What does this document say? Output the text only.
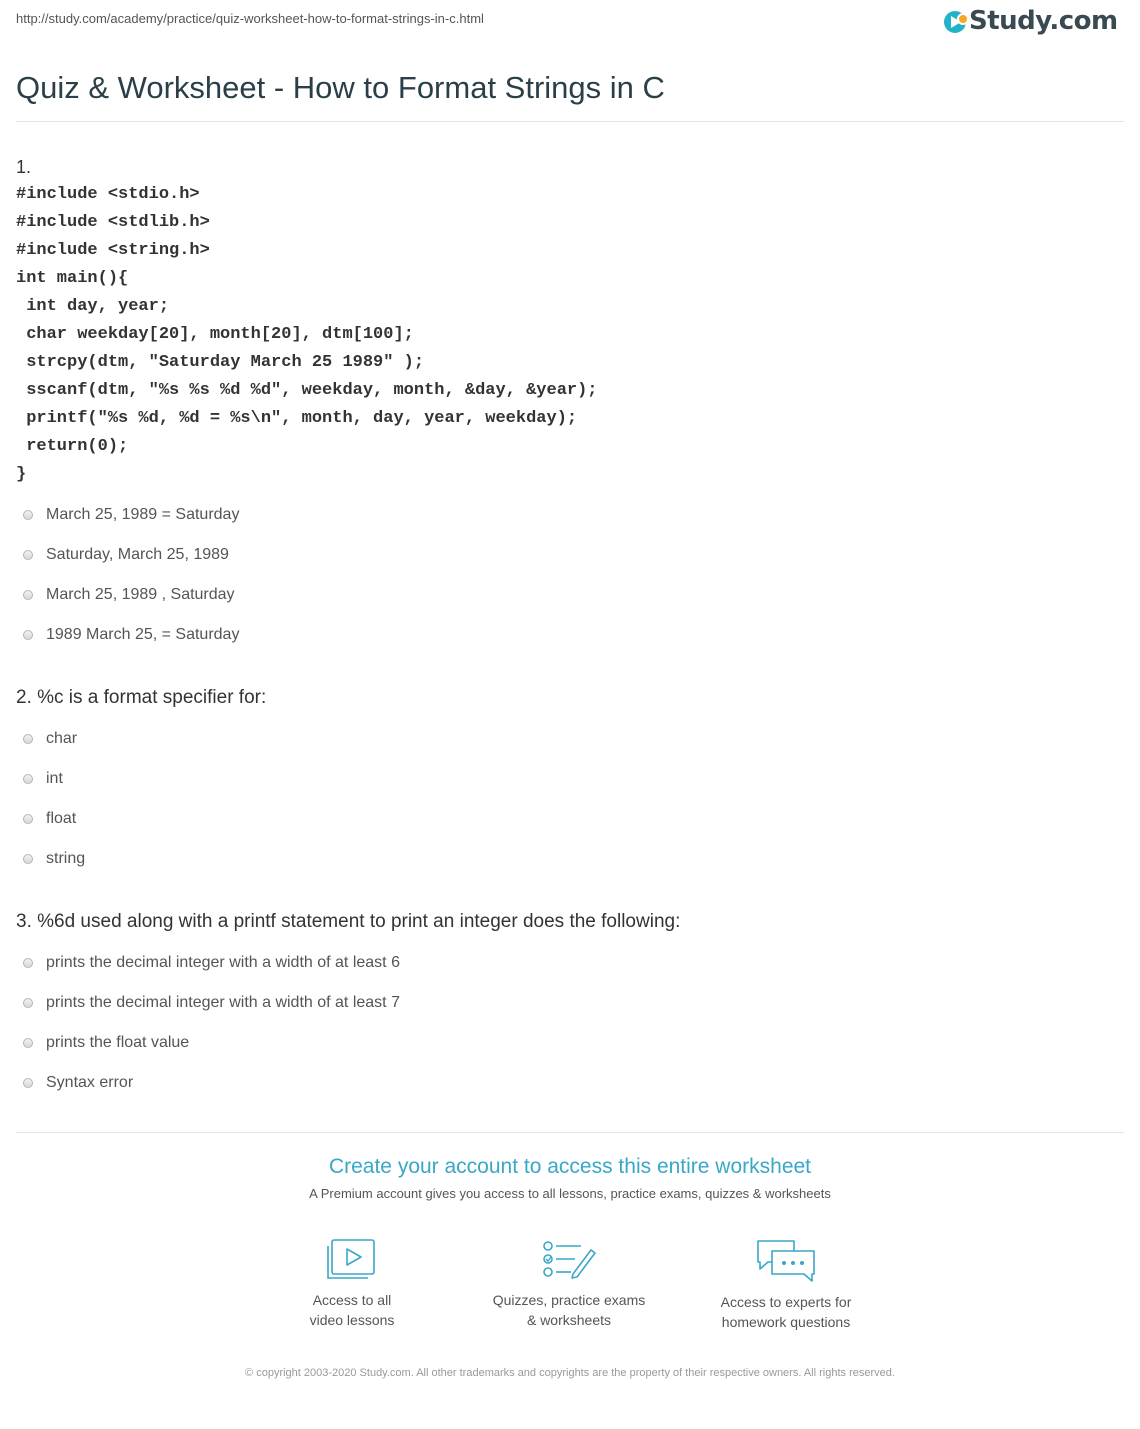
http://study.com/academy/practice/quiz-worksheet-how-to-format-strings-in-c.html	Study.com
Quiz & Worksheet - How to Format Strings in C
1.
#include <stdio.h>
#include <stdlib.h>
#include <string.h>
int main(){
int day, year;
char weekday[20], month[20], dtm[100];
strcpy(dtm, "Saturday March 25 1989" );
sscanf(dtm, "%s %s %d %d", weekday, month, &day, &year);
printf("%s %d, %d = %s\n", month, day, year, weekday);
return(0);
}
March 25, 1989 = Saturday
Saturday, March 25, 1989
March 25, 1989 , Saturday
1989 March 25, = Saturday
2. %c is a format specifier for:
char
int
float
string
3. %6d used along with a printf statement to print an integer does the following:
prints the decimal integer with a width of at least 6
prints the decimal integer with a width of at least 7
prints the float value
Syntax error
Create your account to access this entire worksheet
A Premium account gives you access to all lessons, practice exams, quizzes & worksheets
Access to all
video lessons
Quizzes, practice exams
& worksheets
Access to experts for
homework questions
© copyright 2003-2020 Study.com. All other trademarks and copyrights are the property of their respective owners. All rights reserved.
